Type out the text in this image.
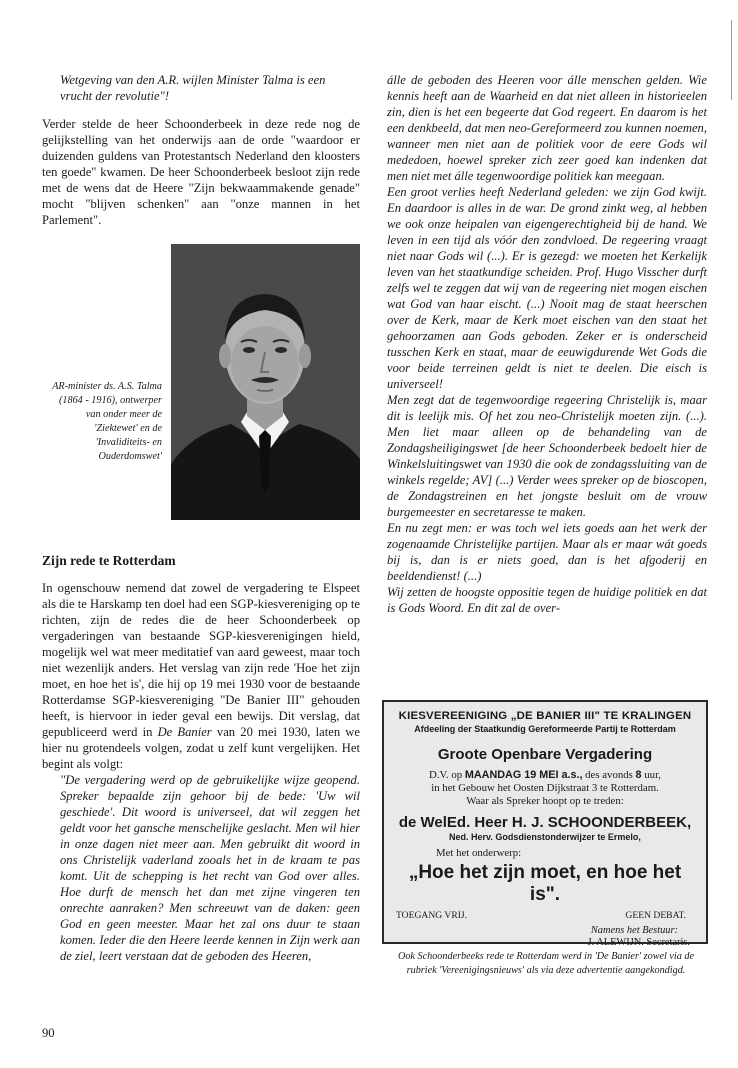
Wetgeving van den A.R. wijlen Minister Talma is een
vrucht der revolutie"!

Verder stelde de heer Schoonderbeek in deze rede nog de gelijkstelling van het onderwijs aan de orde "waardoor er duizenden guldens van Protestantsch Nederland den kloosters ten goede" kwamen. De heer Schoonderbeek besloot zijn rede met de wens dat de Heere "Zijn bekwaammakende genade" mocht "blijven schenken" aan "onze mannen in het Parlement".

AR-minister ds. A.S. Talma (1864 - 1916), ontwerper van onder meer de 'Ziektewet' en de 'Invaliditeits- en Ouderdomswet'
Zijn rede te Rotterdam

In ogenschouw nemend dat zowel de vergadering te Elspeet als die te Harskamp ten doel had een SGP-kiesvereniging op te richten, zijn de redes die de heer Schoonderbeek op vergaderingen van bestaande SGP-kiesverenigingen hield, mogelijk wel wat meer meditatief van aard geweest, maar toch niet wezenlijk anders. Het verslag van zijn rede 'Hoe het zijn moet, en hoe het is', die hij op 19 mei 1930 voor de bestaande Rotterdamse SGP-kiesvereniging "De Banier III" gehouden heeft, is hiervoor in ieder geval een bewijs. Dit verslag, dat gepubliceerd werd in De Banier van 20 mei 1930, laten we hier nu grotendeels volgen, zodat u zelf kunt vergelijken. Het begint als volgt:

"De vergadering werd op de gebruikelijke wijze geopend. Spreker bepaalde zijn gehoor bij de bede: 'Uw wil geschiede'. Dit woord is universeel, dat wil zeggen het geldt voor het gansche menschelijke geslacht. Men wil hier in onze dagen niet meer aan. Men gebruikt dit woord in ons Christelijk vaderland zooals het in de kraam te pas komt. Uit de schepping is het recht van God over alles. Hoe durft de mensch het dan met zijne vingeren ten onrechte aanraken? Men schreeuwt van de daken: geen God en geen meester. Maar het zal ons duur te staan komen. Ieder die den Heere leerde kennen in Zijn werk aan de ziel, leert verstaan dat de geboden des Heeren,

álle de geboden des Heeren voor álle menschen gelden. Wie kennis heeft aan de Waarheid en dat niet alleen in historieelen zin, dien is het een begeerte dat God regeert. En daarom is het een denkbeeld, dat men neo-Gereformeerd zou kunnen noemen, wanneer men niet aan de politiek voor de eere Gods wil mededoen, hoewel spreker zich zeer goed kan indenken dat men niet met álle tegenwoordige politiek kan meegaan.

Een groot verlies heeft Nederland geleden: we zijn God kwijt. En daardoor is alles in de war. De grond zinkt weg, al hebben we ook onze heipalen van eigengerechtigheid bij de hand. We leven in een tijd als vóór den zondvloed. De regeering vraagt niet naar Gods wil (...). Er is gezegd: we moeten het Kerkelijk leven van het staatkundige scheiden. Prof. Hugo Visscher durft zelfs wel te zeggen dat wij van de regeering niet mogen eischen wat God van haar eischt. (...) Nooit mag de staat heerschen over de Kerk, maar de Kerk moet eischen van den staat het gehoorzamen aan Gods geboden. Zeker er is onderscheid tusschen Kerk en staat, maar de eeuwigdurende Wet Gods die voor beide terreinen geldt is niet te deelen. Die eisch is universeel!

Men zegt dat de tegenwoordige regeering Christelijk is, maar dit is leelijk mis. Of het zou neo-Christelijk moeten zijn. (...). Men liet maar alleen op de behandeling van de Zondagsheiligingswet [de heer Schoonderbeek bedoelt hier de Winkelsluitingswet van 1930 die ook de zondagssluiting van de winkels regelde; AV] (...) Verder wees spreker op de bioscopen, de Zondagstreinen en het jongste besluit om de vrouw burgemeester en secretaresse te maken.

En nu zegt men: er was toch wel iets goeds aan het werk der zogenaamde Christelijke partijen. Maar als er maar wát goeds bij is, dan is er niets goed, dan is het afgoderij en beeldendienst! (...)

Wij zetten de hoogste oppositie tegen de huidige politiek en dat is Gods Woord. En dit zal de over-

KIESVEREENIGING „DE BANIER III" TE KRALINGEN
Afdeeling der Staatkundig Gereformeerde Partij te Rotterdam
Groote Openbare Vergadering
D.V. op MAANDAG 19 MEI a.s., des avonds 8 uur,
in het Gebouw het Oosten Dijkstraat 3 te Rotterdam.
Waar als Spreker hoopt op te treden:
de WelEd. Heer H. J. SCHOONDERBEEK,
Ned. Herv. Godsdienstonderwijzer te Ermelo,
Met het onderwerp:
„Hoe het zijn moet, en hoe het is".
TOEGANG VRIJ.	GEEN DEBAT.
Namens het Bestuur:
J. ALEWIJN. Secretaris.
Ook Schoonderbeeks rede te Rotterdam werd in 'De Banier' zowel via de rubriek 'Vereenigingsnieuws' als via deze advertentie aangekondigd.
90
